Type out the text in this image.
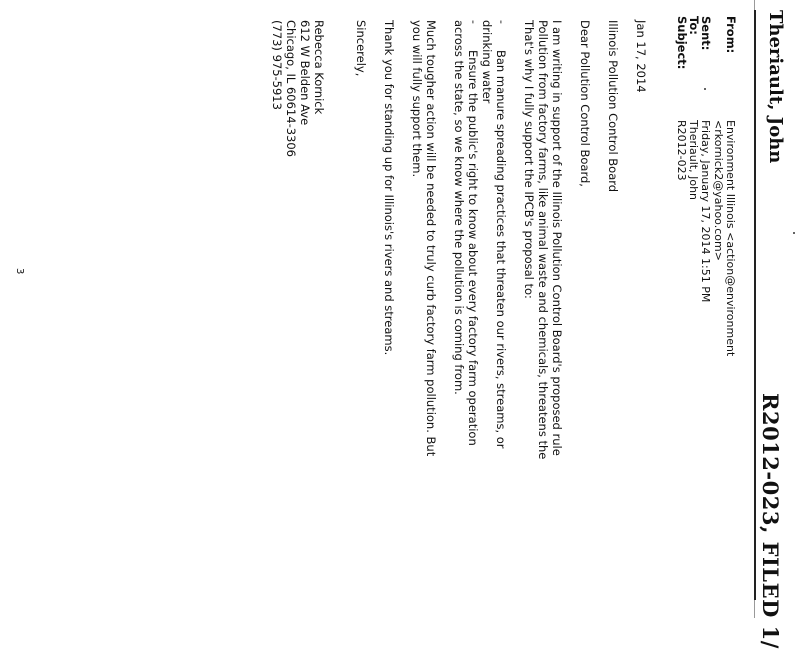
R2012-023, FILED 1/
Theriault, John
From:
Environment Illinois <action@environment
<rkornick2@yahoo.com>
Sent:
Friday, January 17, 2014 1:51 PM
To:
Theriault, John
Subject:
R2012-023
Jan 17, 2014
Illinois Pollution Control Board
Dear Pollution Control Board,
I am writing in support of the Illinois Pollution Control Board's proposed rule
Pollution from factory farms, like animal waste and chemicals, threatens the
That's why I fully support the IPCB's proposal to:
-
Ban manure spreading practices that threaten our rivers, streams, or
drinking water
-
Ensure the public's right to know about every factory farm operation
across the state, so we know where the pollution is coming from.
Much tougher action will be needed to truly curb factory farm pollution. But
you will fully support them.
Thank you for standing up for Illinois's rivers and streams.
Sincerely,
Rebecca Kornick
612 W Belden Ave
Chicago, IL 60614-3306
(773) 975-5913
3
